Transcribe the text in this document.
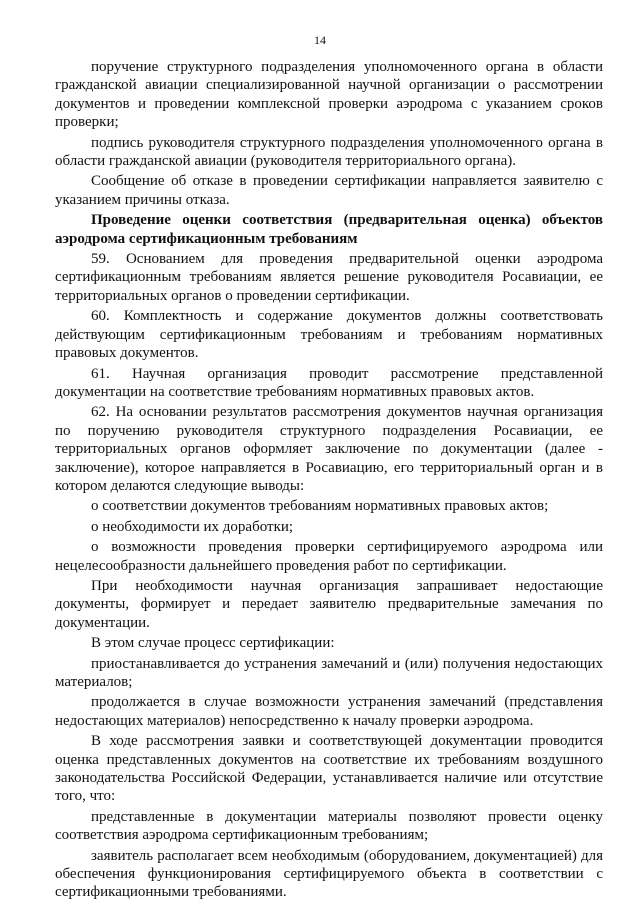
14

поручение структурного подразделения уполномоченного органа в области гражданской авиации специализированной научной организации о рассмотрении документов и проведении комплексной проверки аэродрома с указанием сроков проверки;

подпись руководителя структурного подразделения уполномоченного органа в области гражданской авиации (руководителя территориального органа).

Сообщение об отказе в проведении сертификации направляется заявителю с указанием причины отказа.

Проведение оценки соответствия (предварительная оценка) объектов аэродрома сертификационным требованиям

59. Основанием для проведения предварительной оценки аэродрома сертификационным требованиям является решение руководителя Росавиации, ее территориальных органов о проведении сертификации.

60. Комплектность и содержание документов должны соответствовать действующим сертификационным требованиям и требованиям нормативных правовых документов.

61. Научная организация проводит рассмотрение представленной документации на соответствие требованиям нормативных правовых актов.

62. На основании результатов рассмотрения документов научная организация по поручению руководителя структурного подразделения Росавиации, ее территориальных органов оформляет заключение по документации (далее - заключение), которое направляется в Росавиацию, его территориальный орган и в котором делаются следующие выводы:

о соответствии документов требованиям нормативных правовых актов;

о необходимости их доработки;

о возможности проведения проверки сертифицируемого аэродрома или нецелесообразности дальнейшего проведения работ по сертификации.

При необходимости научная организация запрашивает недостающие документы, формирует и передает заявителю предварительные замечания по документации.

В этом случае процесс сертификации:

приостанавливается до устранения замечаний и (или) получения недостающих материалов;

продолжается в случае возможности устранения замечаний (представления недостающих материалов) непосредственно к началу проверки аэродрома.

В ходе рассмотрения заявки и соответствующей документации проводится оценка представленных документов на соответствие их требованиям воздушного законодательства Российской Федерации, устанавливается наличие или отсутствие того, что:

представленные в документации материалы позволяют провести оценку соответствия аэродрома сертификационным требованиям;

заявитель располагает всем необходимым (оборудованием, документацией) для обеспечения функционирования сертифицируемого объекта в соответствии с сертификационными требованиями.
